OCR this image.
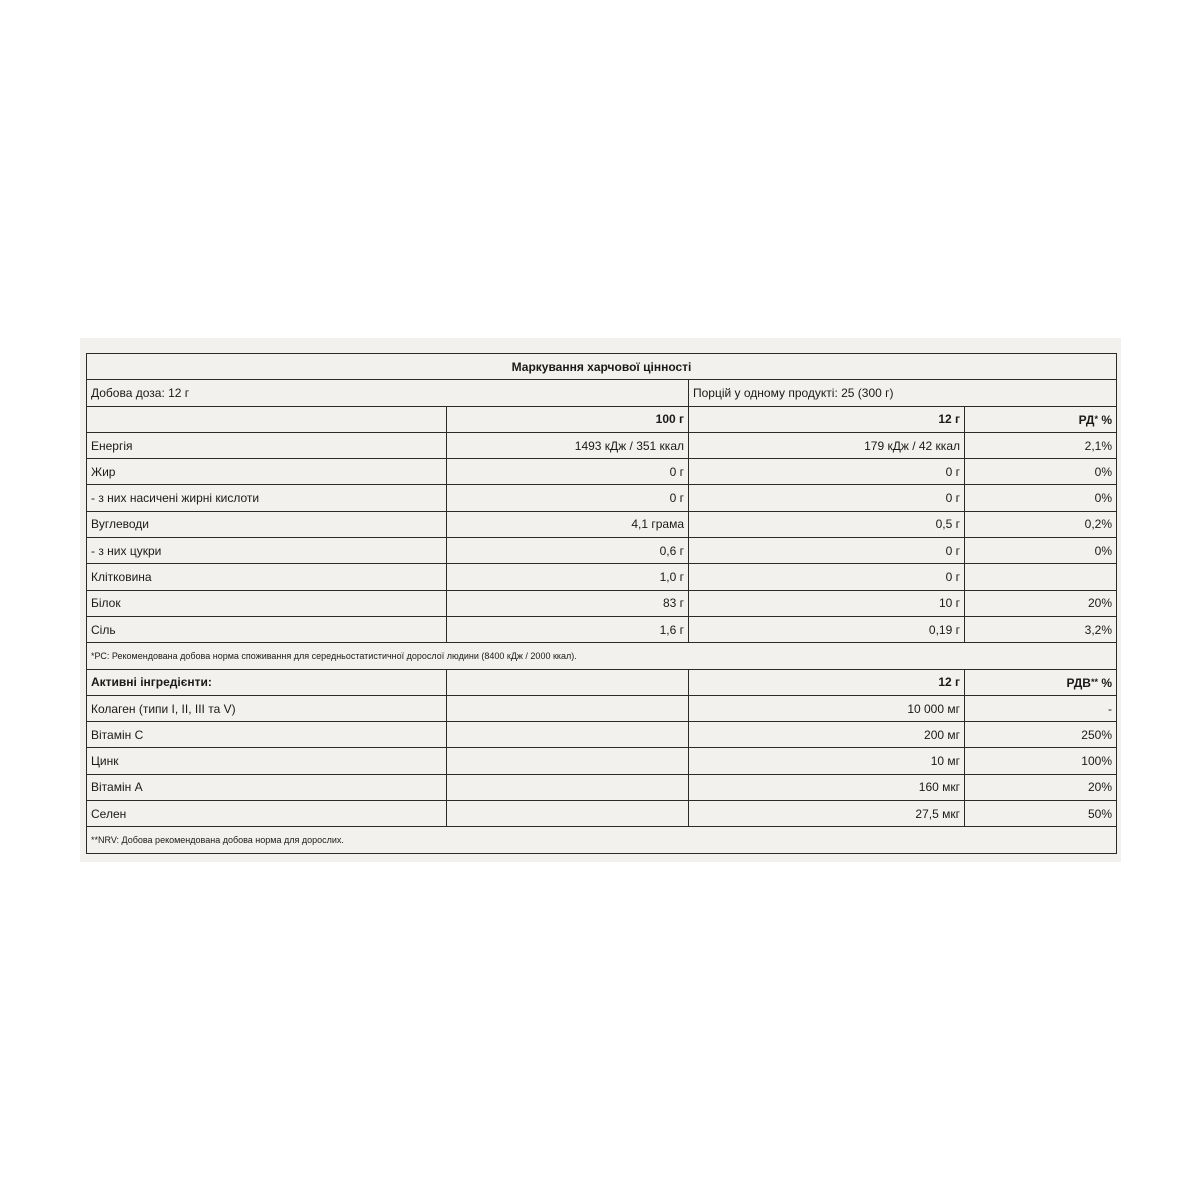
Маркування харчової цінності			
Добова доза: 12 г		Порцій у одному продукті: 25 (300 г)	
	100 г	12 г	РД* %
Енергія	1493 кДж / 351 ккал	179 кДж / 42 ккал	2,1%
Жир	0 г	0 г	0%
- з них насичені жирні кислоти	0 г	0 г	0%
Вуглеводи	4,1 грама	0,5 г	0,2%
- з них цукри	0,6 г	0 г	0%
Клітковина	1,0 г	0 г	
Білок	83 г	10 г	20%
Сіль	1,6 г	0,19 г	3,2%
*РС: Рекомендована добова норма споживання для середньостатистичної дорослої людини (8400 кДж / 2000 ккал).			
Активні інгредієнти:		12 г	РДВ** %
Колаген (типи I, II, III та V)		10 000 мг	-
Вітамін С		200 мг	250%
Цинк		10 мг	100%
Вітамін А		160 мкг	20%
Селен		27,5 мкг	50%
**NRV: Добова рекомендована добова норма для дорослих.			
